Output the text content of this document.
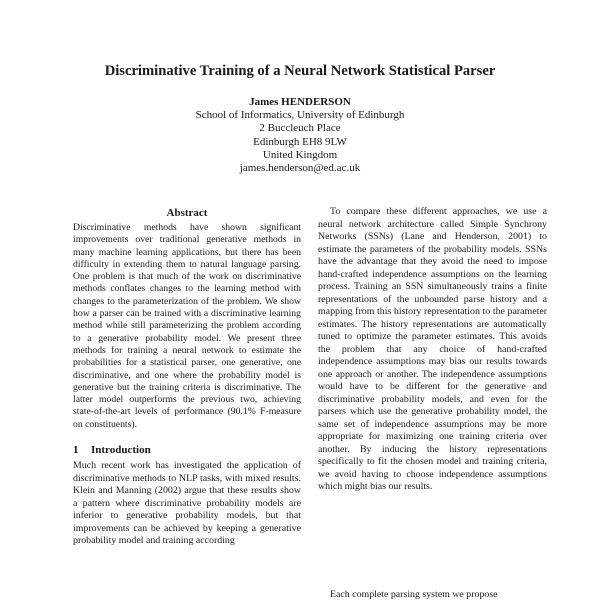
Discriminative Training of a Neural Network Statistical Parser
James HENDERSON
School of Informatics, University of Edinburgh
2 Buccleuch Place
Edinburgh EH8 9LW
United Kingdom
james.henderson@ed.ac.uk
Abstract

Discriminative methods have shown significant improvements over traditional generative methods in many machine learning applications, but there has been difficulty in extending them to natural language parsing. One problem is that much of the work on discriminative methods conflates changes to the learning method with changes to the parameterization of the problem. We show how a parser can be trained with a discriminative learning method while still parameterizing the problem according to a generative probability model. We present three methods for training a neural network to estimate the probabilities for a statistical parser, one generative, one discriminative, and one where the probability model is generative but the training criteria is discriminative. The latter model outperforms the previous two, achieving state-of-the-art levels of performance (90.1% F-measure on constituents).

1 Introduction

Much recent work has investigated the application of discriminative methods to NLP tasks, with mixed results. Klein and Manning (2002) argue that these results show a pattern where discriminative probability models are inferior to generative probability models, but that improvements can be achieved by keeping a generative probability model and training according

To compare these different approaches, we use a neural network architecture called Simple Synchrony Networks (SSNs) (Lane and Henderson, 2001) to estimate the parameters of the probability models. SSNs have the advantage that they avoid the need to impose hand-crafted independence assumptions on the learning process. Training an SSN simultaneously trains a finite representations of the unbounded parse history and a mapping from this history representation to the parameter estimates. The history representations are automatically tuned to optimize the parameter estimates. This avoids the problem that any choice of hand-crafted independence assumptions may bias our results towards one approach or another. The independence assumptions would have to be different for the generative and discriminative probability models, and even for the parsers which use the generative probability model, the same set of independence assumptions may be more appropriate for maximizing one training criteria over another. By inducing the history representations specifically to fit the chosen model and training criteria, we avoid having to choose independence assumptions which might bias our results.

Each complete parsing system we propose
